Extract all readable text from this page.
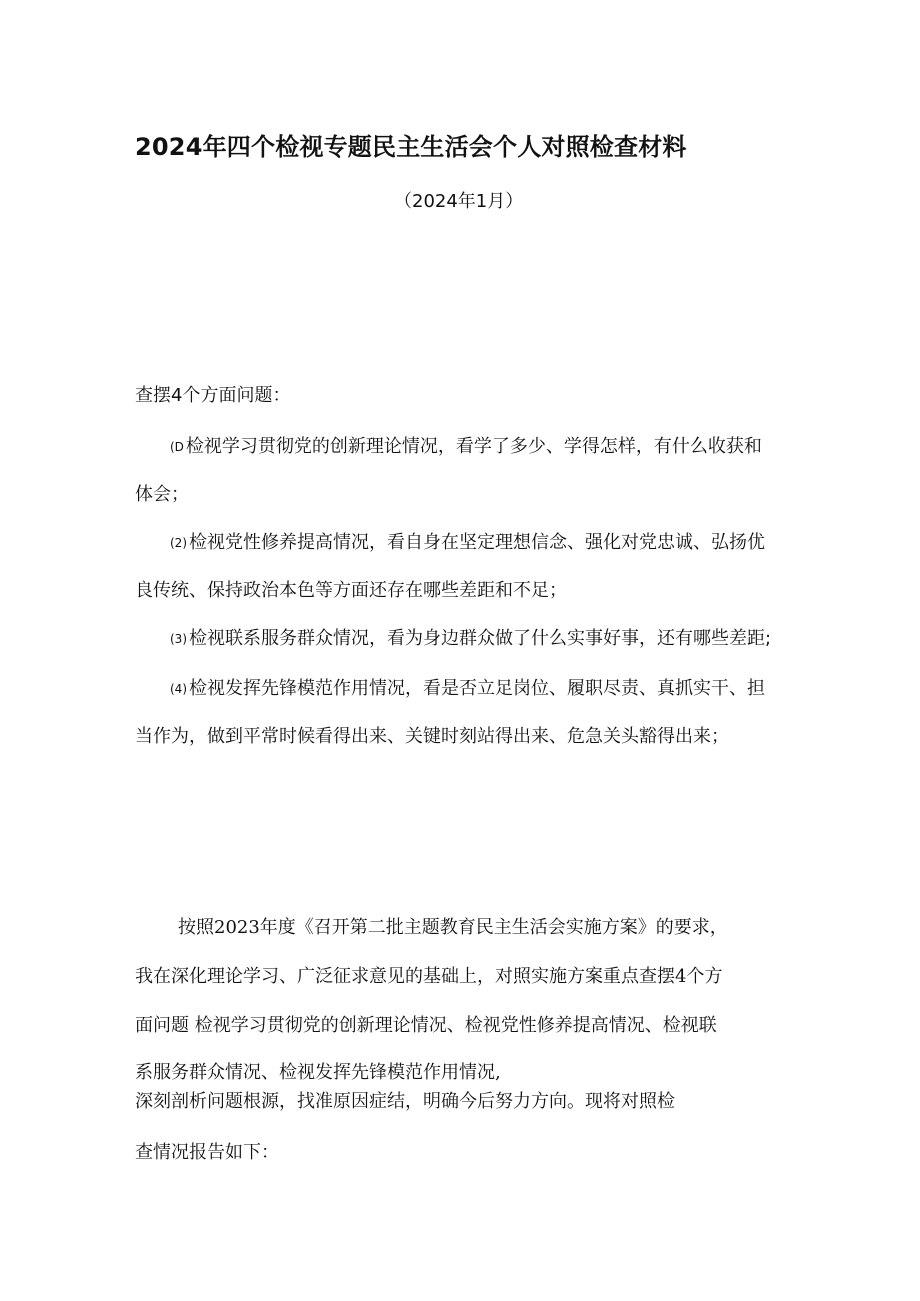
2024年四个检视专题民主生活会个人对照检查材料
（2024年1月）
查摆4个方面问题：
(D 检视学习贯彻党的创新理论情况，看学了多少、学得怎样，有什么收获和
体会；
(2) 检视党性修养提高情况，看自身在坚定理想信念、强化对党忠诚、弘扬优
良传统、保持政治本色等方面还存在哪些差距和不足；
(3) 检视联系服务群众情况，看为身边群众做了什么实事好事，还有哪些差距;
(4) 检视发挥先锋模范作用情况，看是否立足岗位、履职尽责、真抓实干、担
当作为，做到平常时候看得出来、关键时刻站得出来、危急关头豁得出来；
按照2023年度《召开第二批主题教育民主生活会实施方案》的要求，
我在深化理论学习、广泛征求意见的基础上，对照实施方案重点查摆4个方
面问题 检视学习贯彻党的创新理论情况、检视党性修养提高情况、检视联
系服务群众情况、检视发挥先锋模范作用情况,
深刻剖析问题根源，找准原因症结，明确今后努力方向。现将对照检
查情况报告如下：
